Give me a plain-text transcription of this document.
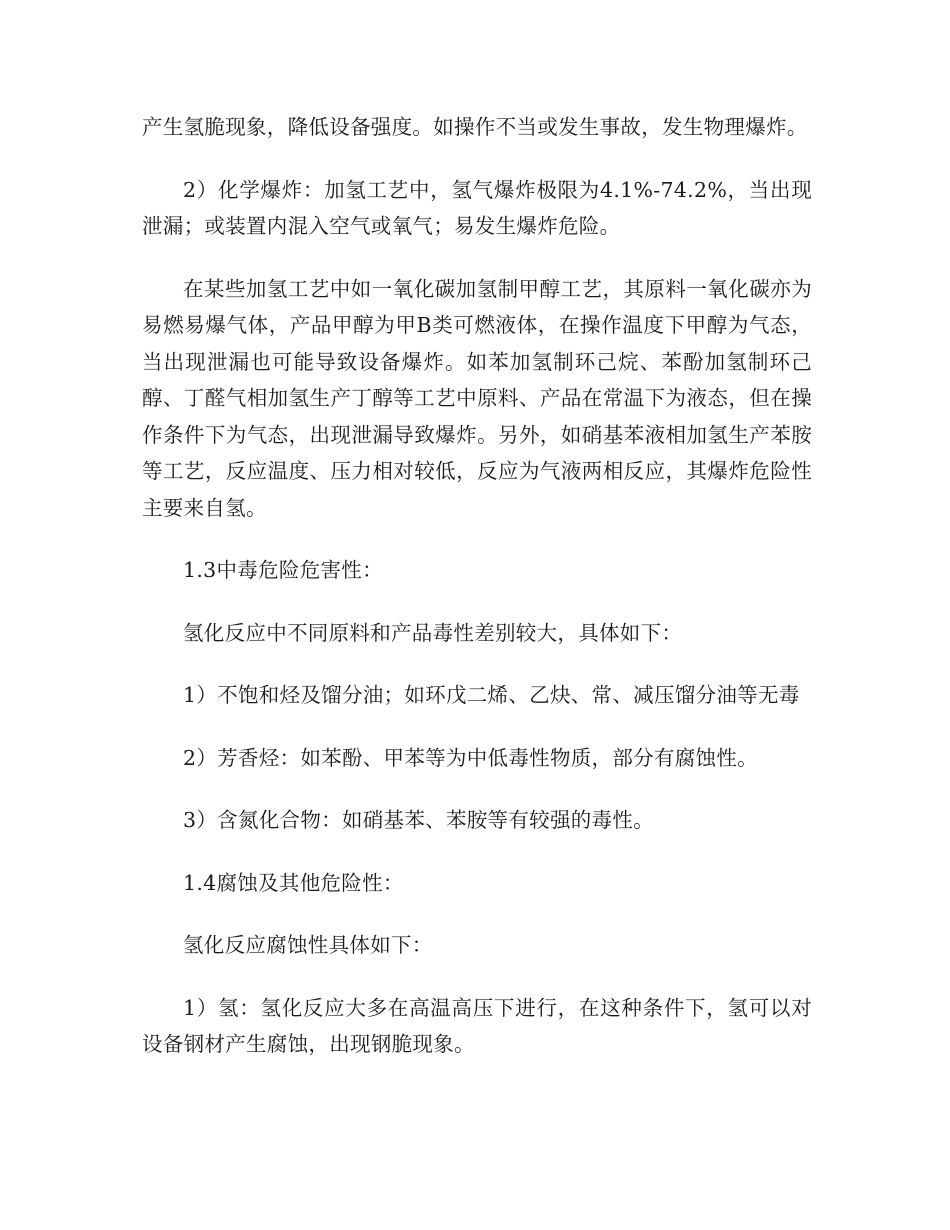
产生氢脆现象，降低设备强度。如操作不当或发生事故，发生物理爆炸。

2）化学爆炸：加氢工艺中，氢气爆炸极限为4.1%-74.2%，当出现泄漏；或装置内混入空气或氧气；易发生爆炸危险。

在某些加氢工艺中如一氧化碳加氢制甲醇工艺，其原料一氧化碳亦为易燃易爆气体，产品甲醇为甲B类可燃液体，在操作温度下甲醇为气态，当出现泄漏也可能导致设备爆炸。如苯加氢制环己烷、苯酚加氢制环己醇、丁醛气相加氢生产丁醇等工艺中原料、产品在常温下为液态，但在操作条件下为气态，出现泄漏导致爆炸。另外，如硝基苯液相加氢生产苯胺等工艺，反应温度、压力相对较低，反应为气液两相反应，其爆炸危险性主要来自氢。

1.3中毒危险危害性：

氢化反应中不同原料和产品毒性差别较大，具体如下：

1）不饱和烃及馏分油；如环戊二烯、乙炔、常、减压馏分油等无毒

2）芳香烃：如苯酚、甲苯等为中低毒性物质，部分有腐蚀性。

3）含氮化合物：如硝基苯、苯胺等有较强的毒性。

1.4腐蚀及其他危险性：

氢化反应腐蚀性具体如下：

1）氢：氢化反应大多在高温高压下进行，在这种条件下，氢可以对设备钢材产生腐蚀，出现钢脆现象。
